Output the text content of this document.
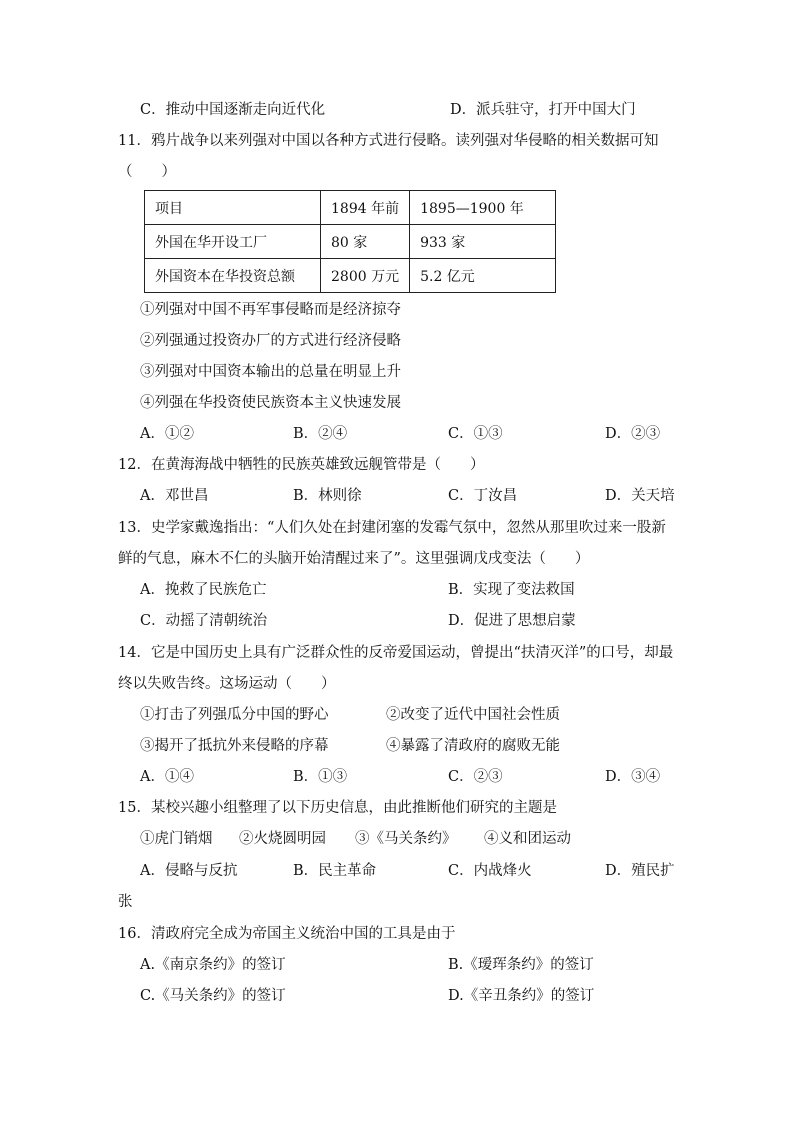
C．推动中国逐渐走向近代化	D．派兵驻守，打开中国大门
11．鸦片战争以来列强对中国以各种方式进行侵略。读列强对华侵略的相关数据可知
（　　）
项目	1894 年前	1895—1900 年
外国在华开设工厂	80 家	933 家
外国资本在华投资总额	2800 万元	5.2 亿元
①列强对中国不再军事侵略而是经济掠夺
②列强通过投资办厂的方式进行经济侵略
③列强对中国资本输出的总量在明显上升
④列强在华投资使民族资本主义快速发展
A．①②	B．②④	C．①③	D．②③
12．在黄海海战中牺牲的民族英雄致远舰管带是（　　）
A．邓世昌	B．林则徐	C．丁汝昌	D．关天培
13．史学家戴逸指出：“人们久处在封建闭塞的发霉气氛中，忽然从那里吹过来一股新
鲜的气息，麻木不仁的头脑开始清醒过来了”。这里强调戊戌变法（　　）
A．挽救了民族危亡	B．实现了变法救国
C．动摇了清朝统治	D．促进了思想启蒙
14．它是中国历史上具有广泛群众性的反帝爱国运动，曾提出“扶清灭洋”的口号，却最
终以失败告终。这场运动（　　）
①打击了列强瓜分中国的野心	②改变了近代中国社会性质
③揭开了抵抗外来侵略的序幕	④暴露了清政府的腐败无能
A．①④	B．①③	C．②③	D．③④
15．某校兴趣小组整理了以下历史信息，由此推断他们研究的主题是
①虎门销烟 ②火烧圆明园 ③《马关条约》 ④义和团运动
A．侵略与反抗	B．民主革命	C．内战烽火	D．殖民扩
张
16．清政府完全成为帝国主义统治中国的工具是由于
A.《南京条约》的签订	B.《瑷珲条约》的签订
C.《马关条约》的签订	D.《辛丑条约》的签订
